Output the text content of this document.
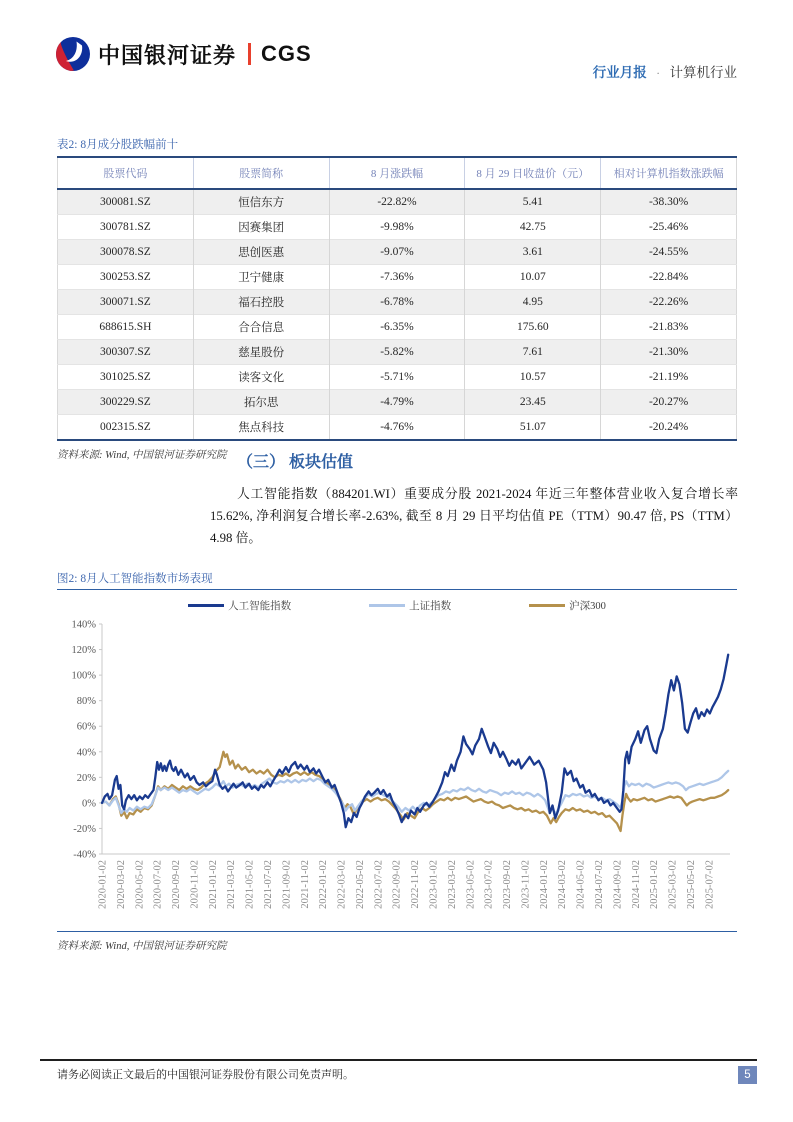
中国银河证券 CGS
行业月报 · 计算机行业
表2: 8月成分股跌幅前十
股票代码	股票简称	8 月涨跌幅	8 月 29 日收盘价（元）	相对计算机指数涨跌幅
300081.SZ	恒信东方	-22.82%	5.41	-38.30%
300781.SZ	因赛集团	-9.98%	42.75	-25.46%
300078.SZ	思创医惠	-9.07%	3.61	-24.55%
300253.SZ	卫宁健康	-7.36%	10.07	-22.84%
300071.SZ	福石控股	-6.78%	4.95	-22.26%
688615.SH	合合信息	-6.35%	175.60	-21.83%
300307.SZ	慈星股份	-5.82%	7.61	-21.30%
301025.SZ	读客文化	-5.71%	10.57	-21.19%
300229.SZ	拓尔思	-4.79%	23.45	-20.27%
002315.SZ	焦点科技	-4.76%	51.07	-20.24%
资料来源: Wind, 中国银河证券研究院 （三） 板块估值

人工智能指数（884201.WI）重要成分股 2021-2024 年近三年整体营业收入复合增长率 15.62%, 净利润复合增长率-2.63%, 截至 8 月 29 日平均估值 PE（TTM）90.47 倍, PS（TTM）4.98 倍。

图2: 8月人工智能指数市场表现
人工智能指数	上证指数	沪深300
140%
120%
100%
80%
60%
40%
20%
0%
-20%
-40%
2020-01-02 2020-03-02 2020-05-02 2020-07-02 2020-09-02 2020-11-02 2021-01-02 2021-03-02 2021-05-02 2021-07-02 2021-09-02 2021-11-02 2022-01-02 2022-03-02 2022-05-02 2022-07-02 2022-09-02 2022-11-02 2023-01-02 2023-03-02 2023-05-02 2023-07-02 2023-09-02 2023-11-02 2024-01-02 2024-03-02 2024-05-02 2024-07-02 2024-09-02 2024-11-02 2025-01-02 2025-03-02 2025-05-02 2025-07-02
资料来源: Wind, 中国银河证券研究院
请务必阅读正文最后的中国银河证券股份有限公司免责声明。	5
